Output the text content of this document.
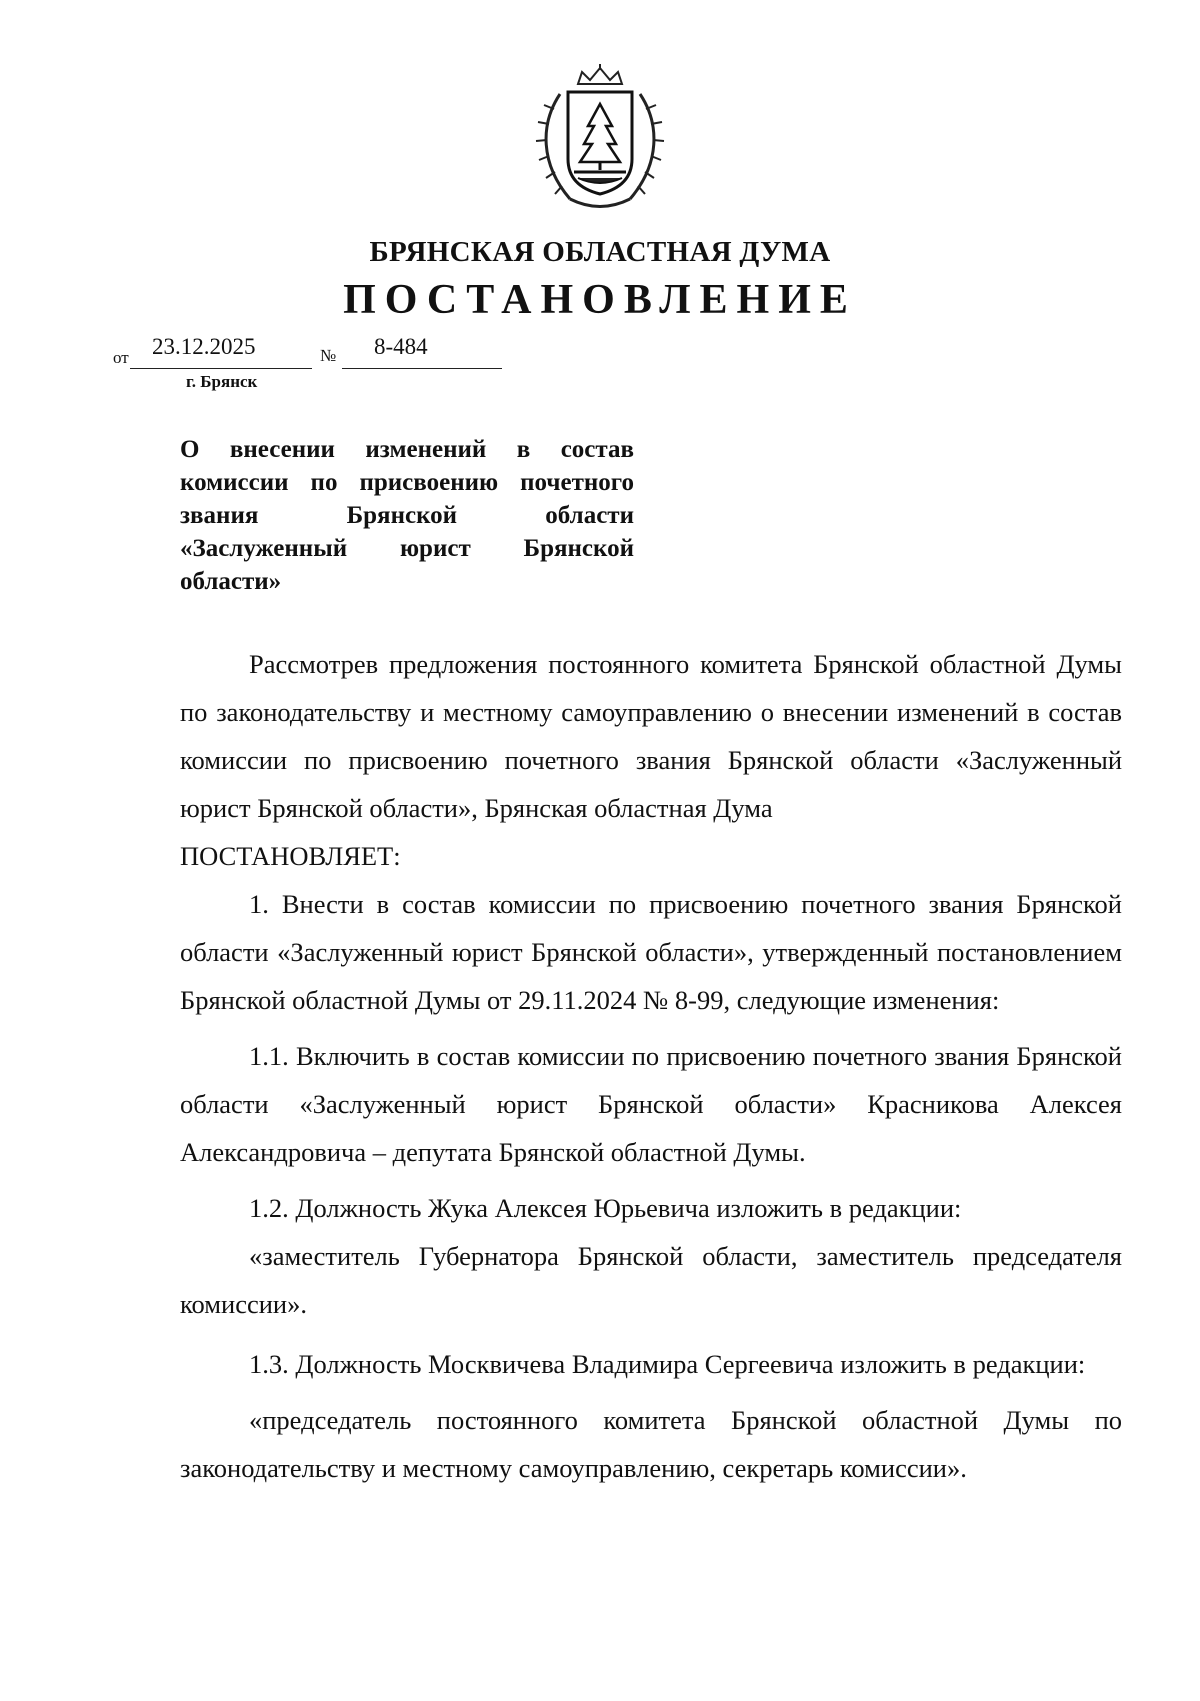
БРЯНСКАЯ ОБЛАСТНАЯ ДУМА
ПОСТАНОВЛЕНИЕ
от 23.12.2025	№ 8-484
г. Брянск
О внесении изменений в состав комиссии по присвоению почетного звания Брянской области «Заслуженный юрист Брянской области»

Рассмотрев предложения постоянного комитета Брянской областной Думы по законодательству и местному самоуправлению о внесении изменений в состав комиссии по присвоению почетного звания Брянской области «Заслуженный юрист Брянской области», Брянская областная Дума

ПОСТАНОВЛЯЕТ:

1. Внести в состав комиссии по присвоению почетного звания Брянской области «Заслуженный юрист Брянской области», утвержденный постановлением Брянской областной Думы от 29.11.2024 № 8-99, следующие изменения:

1.1. Включить в состав комиссии по присвоению почетного звания Брянской области «Заслуженный юрист Брянской области» Красникова Алексея Александровича – депутата Брянской областной Думы.

1.2. Должность Жука Алексея Юрьевича изложить в редакции:

«заместитель Губернатора Брянской области, заместитель председателя комиссии».

1.3. Должность Москвичева Владимира Сергеевича изложить в редакции:

«председатель постоянного комитета Брянской областной Думы по законодательству и местному самоуправлению, секретарь комиссии».
